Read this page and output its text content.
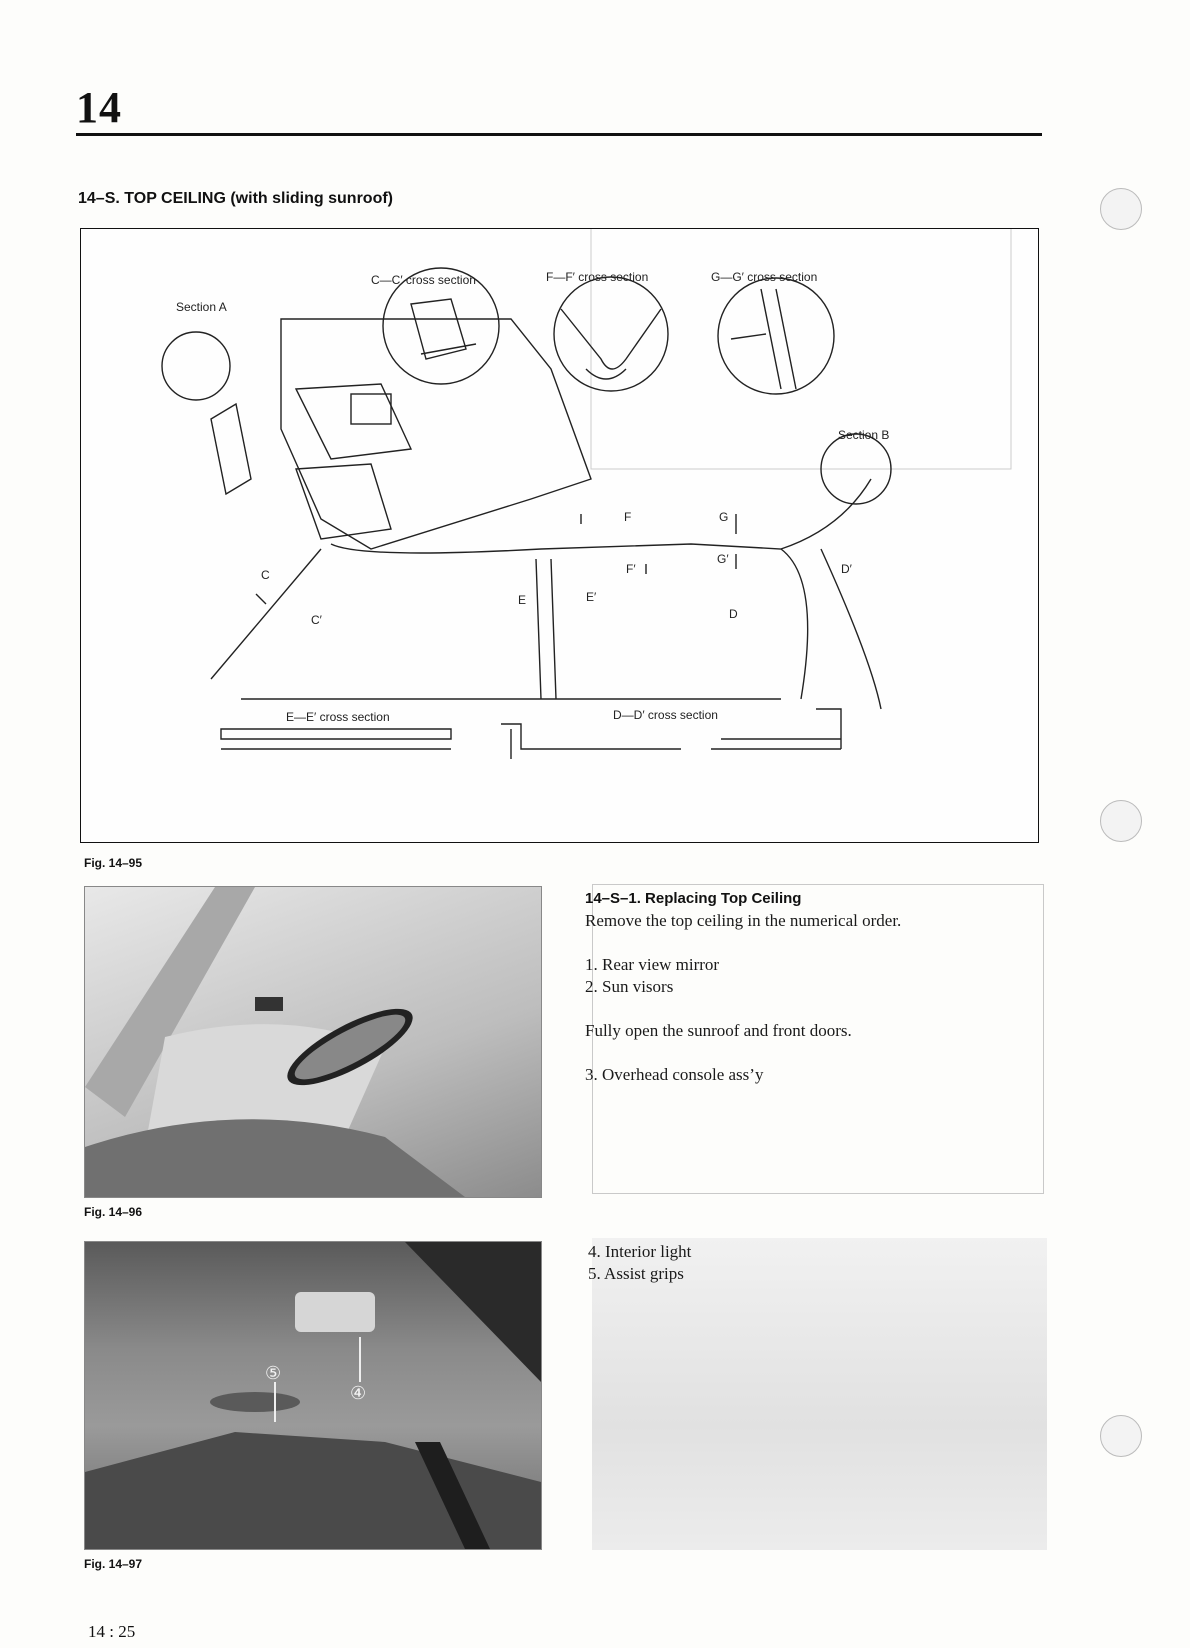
14
14–S. TOP CEILING (with sliding sunroof)
Section A
C—C′ cross section	F—F′ cross section	G—G′ cross section
Section B
E—E′ cross section	D—D′ cross section
C
C′
E	E′
F
F′
G
G′
D
D′
Fig. 14–95
Fig. 14–96
⑤
④
Fig. 14–97
14–S–1. Replacing Top Ceiling
Remove the top ceiling in the numerical order.
1. Rear view mirror
2. Sun visors
Fully open the sunroof and front doors.
3. Overhead console ass’y
4. Interior light
5. Assist grips
14 : 25
